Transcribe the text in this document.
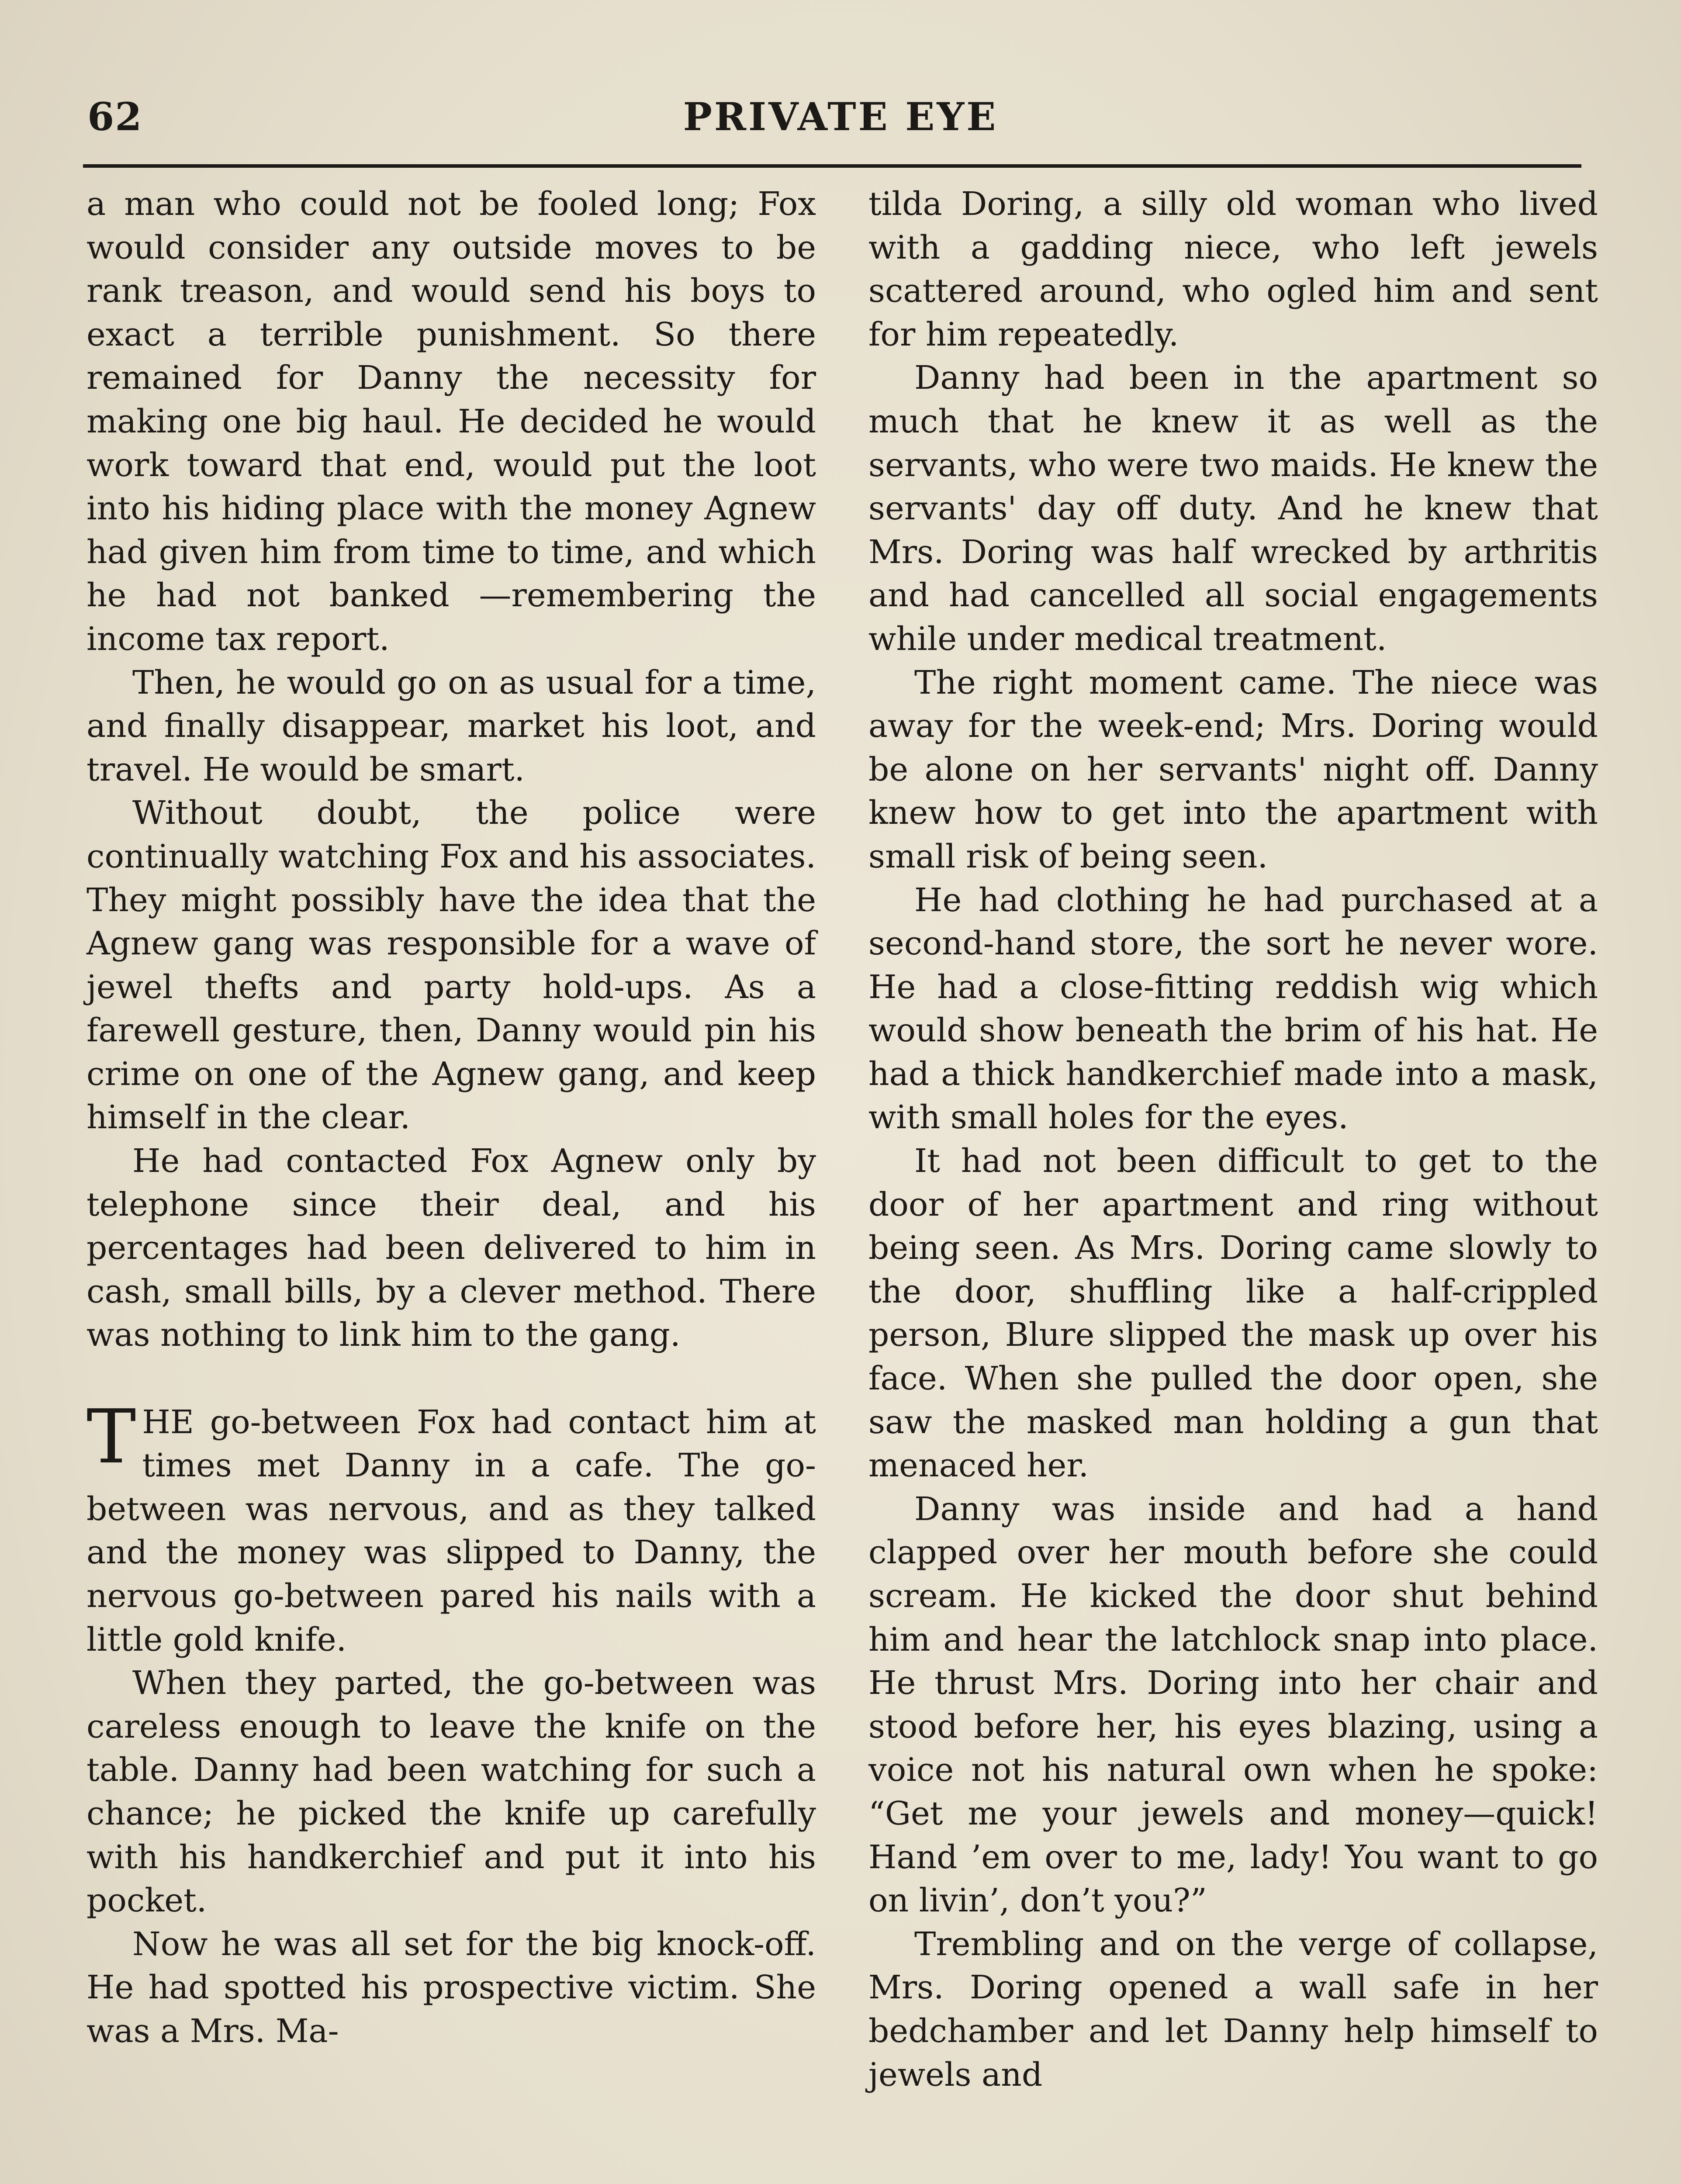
62	PRIVATE EYE

a man who could not be fooled long; Fox would consider any outside moves to be rank treason, and would send his boys to exact a terrible punishment. So there remained for Danny the necessity for making one big haul. He decided he would work toward that end, would put the loot into his hiding place with the money Agnew had given him from time to time, and which he had not banked —remembering the income tax report.

Then, he would go on as usual for a time, and finally disappear, market his loot, and travel. He would be smart.

Without doubt, the police were continually watching Fox and his associates. They might possibly have the idea that the Agnew gang was responsible for a wave of jewel thefts and party hold-ups. As a farewell gesture, then, Danny would pin his crime on one of the Agnew gang, and keep himself in the clear.

He had contacted Fox Agnew only by telephone since their deal, and his percentages had been delivered to him in cash, small bills, by a clever method. There was nothing to link him to the gang.

THE go-between Fox had contact him at times met Danny in a cafe. The go-between was nervous, and as they talked and the money was slipped to Danny, the nervous go-between pared his nails with a little gold knife.

When they parted, the go-between was careless enough to leave the knife on the table. Danny had been watching for such a chance; he picked the knife up carefully with his handkerchief and put it into his pocket.

Now he was all set for the big knock-off. He had spotted his prospective victim. She was a Mrs. Ma-

tilda Doring, a silly old woman who lived with a gadding niece, who left jewels scattered around, who ogled him and sent for him repeatedly.

Danny had been in the apartment so much that he knew it as well as the servants, who were two maids. He knew the servants' day off duty. And he knew that Mrs. Doring was half wrecked by arthritis and had cancelled all social engagements while under medical treatment.

The right moment came. The niece was away for the week-end; Mrs. Doring would be alone on her servants' night off. Danny knew how to get into the apartment with small risk of being seen.

He had clothing he had purchased at a second-hand store, the sort he never wore. He had a close-fitting reddish wig which would show beneath the brim of his hat. He had a thick handkerchief made into a mask, with small holes for the eyes.

It had not been difficult to get to the door of her apartment and ring without being seen. As Mrs. Doring came slowly to the door, shuffling like a half-crippled person, Blure slipped the mask up over his face. When she pulled the door open, she saw the masked man holding a gun that menaced her.

Danny was inside and had a hand clapped over her mouth before she could scream. He kicked the door shut behind him and hear the latchlock snap into place. He thrust Mrs. Doring into her chair and stood before her, his eyes blazing, using a voice not his natural own when he spoke: “Get me your jewels and money—quick! Hand ’em over to me, lady! You want to go on livin’, don’t you?”

Trembling and on the verge of collapse, Mrs. Doring opened a wall safe in her bedchamber and let Danny help himself to jewels and
